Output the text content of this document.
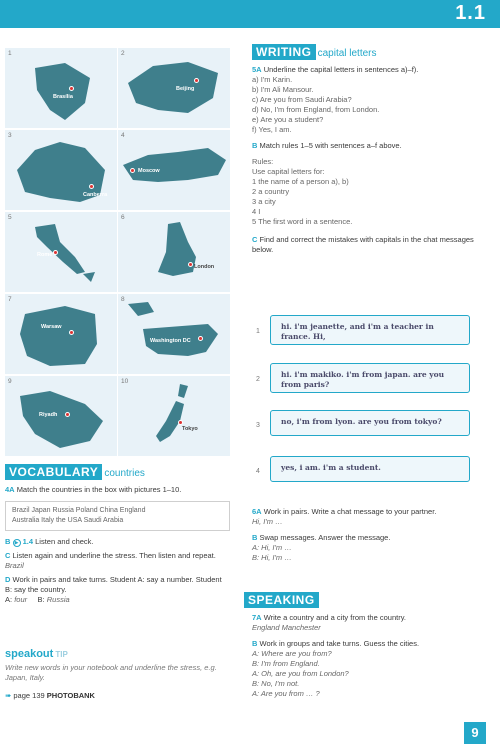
1.1
1
Brasília
2
Beijing
3
Canberra
4
Moscow
5
Rome
6
London
7
Warsaw
8
Washington DC
9
Riyadh
10
Tokyo
VOCABULARY countries
4A Match the countries in the box with pictures 1–10.
Brazil Japan Russia Poland China England
Australia Italy the USA Saudi Arabia
B ▶ 1.4 Listen and check.
C Listen again and underline the stress. Then listen and repeat.
Brazil
D Work in pairs and take turns. Student A: say a number. Student B: say the country.
A: four B: Russia
speakout TIP
Write new words in your notebook and underline the stress, e.g. Japan, Italy.
➠ page 139 PHOTOBANK
WRITING capital letters
5A Underline the capital letters in sentences a)–f).
a) I'm Karin.
b) I'm Ali Mansour.
c) Are you from Saudi Arabia?
d) No, I'm from England, from London.
e) Are you a student?
f) Yes, I am.
B Match rules 1–5 with sentences a–f above.
Rules:
Use capital letters for:
1 the name of a person a), b)
2 a country
3 a city
4 I
5 The first word in a sentence.
C Find and correct the mistakes with capitals in the chat messages below.
1
hi. i'm jeanette, and i'm a teacher in france. Hi,
2
hi. i'm makiko. i'm from japan. are you from paris?
3	no, i'm from lyon. are you from tokyo?
4	yes, i am. i'm a student.
6A Work in pairs. Write a chat message to your partner.
Hi, I'm …
B Swap messages. Answer the message.
A: Hi, I'm …
B: Hi, I'm …
SPEAKING
7A Write a country and a city from the country.
England Manchester
B Work in groups and take turns. Guess the cities.
A: Where are you from?
B: I'm from England.
A: Oh, are you from London?
B: No, I'm not.
A: Are you from … ?
9
